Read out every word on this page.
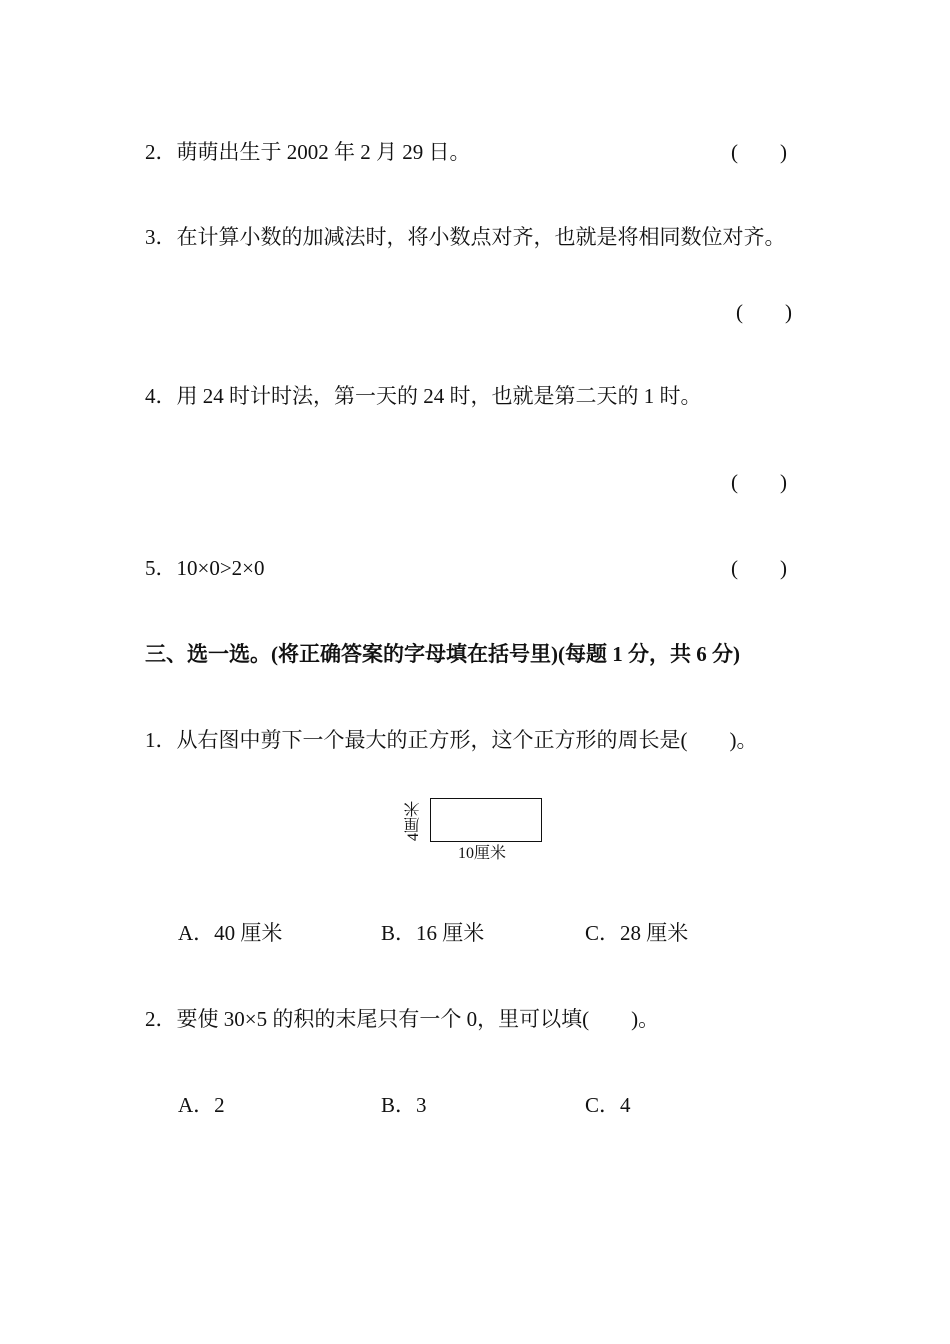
2．萌萌出生于 2002 年 2 月 29 日。	(　　)
3．在计算小数的加减法时，将小数点对齐，也就是将相同数位对齐。
(　　)
4．用 24 时计时法，第一天的 24 时，也就是第二天的 1 时。
(　　)
5．10×0>2×0	(　　)
三、选一选。(将正确答案的字母填在括号里)(每题 1 分，共 6 分)
1．从右图中剪下一个最大的正方形，这个正方形的周长是(　　)。
4厘米
10厘米
A．40 厘米	B．16 厘米	C．28 厘米
2．要使 30×5 的积的末尾只有一个 0，里可以填(　　)。
A．2	B．3	C．4
